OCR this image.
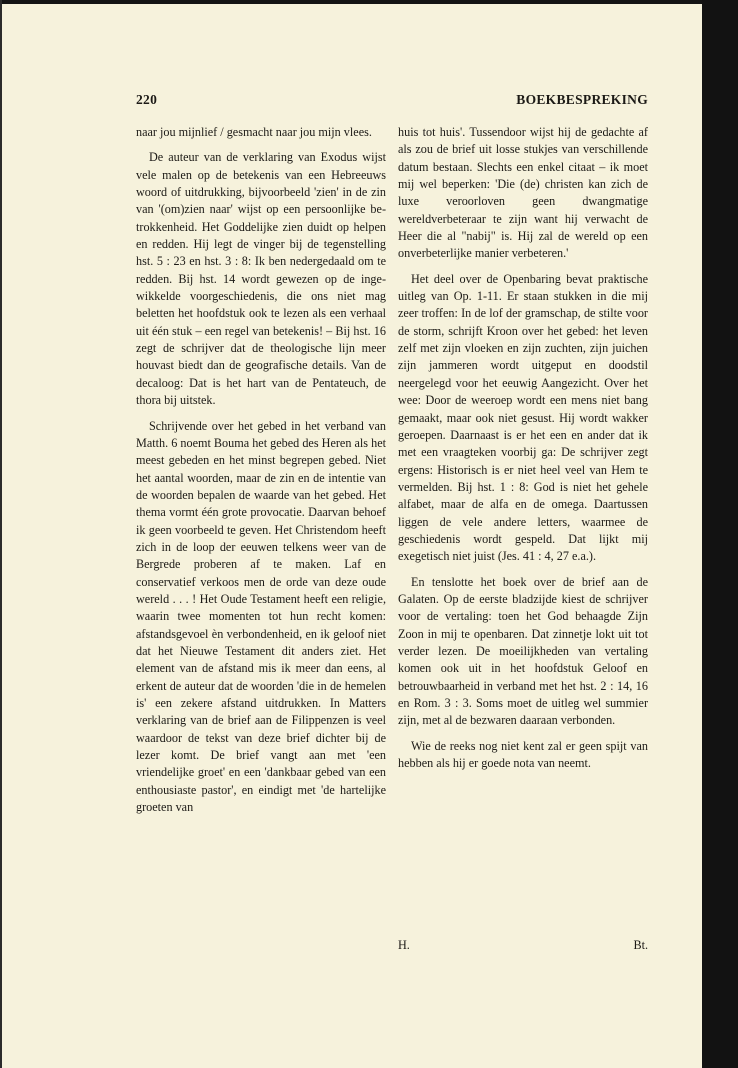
220	BOEKBESPREKING

naar jou mijnlief / gesmacht naar jou mijn vlees.

De auteur van de verklaring van Exodus wijst vele malen op de betekenis van een Hebreeuws woord of uitdrukking, bijvoorbeeld 'zien' in de zin van '(om)zien naar' wijst op een persoonlijke betrokkenheid. Het Goddelijke zien duidt op helpen en redden. Hij legt de vinger bij de tegenstelling hst. 5 : 23 en hst. 3 : 8: Ik ben nedergedaald om te redden. Bij hst. 14 wordt gewezen op de ingewikkelde voorgeschiedenis, die ons niet mag beletten het hoofdstuk ook te lezen als een verhaal uit één stuk – een regel van betekenis! – Bij hst. 16 zegt de schrijver dat de theologische lijn meer houvast biedt dan de geografische details. Van de decaloog: Dat is het hart van de Pentateuch, de thora bij uitstek.

Schrijvende over het gebed in het verband van Matth. 6 noemt Bouma het gebed des Heren als het meest gebeden en het minst begrepen gebed. Niet het aantal woorden, maar de zin en de intentie van de woorden bepalen de waarde van het gebed. Het thema vormt één grote provocatie. Daarvan behoef ik geen voorbeeld te geven. Het Christendom heeft zich in de loop der eeuwen telkens weer van de Bergrede proberen af te maken. Laf en conservatief verkoos men de orde van deze oude wereld . . . ! Het Oude Testament heeft een religie, waarin twee momenten tot hun recht komen: afstandsgevoel èn verbondenheid, en ik geloof niet dat het Nieuwe Testament dit anders ziet. Het element van de afstand mis ik meer dan eens, al erkent de auteur dat de woorden 'die in de hemelen is' een zekere afstand uitdrukken. In Matters verklaring van de brief aan de Filippenzen is veel waardoor de tekst van deze brief dichter bij de lezer komt. De brief vangt aan met 'een vriendelijke groet' en een 'dankbaar gebed van een enthousiaste pastor', en eindigt met 'de hartelijke groeten van

huis tot huis'. Tussendoor wijst hij de gedachte af als zou de brief uit losse stukjes van verschillende datum bestaan. Slechts een enkel citaat – ik moet mij wel beperken: 'Die (de) christen kan zich de luxe veroorloven geen dwangmatige wereldverbeteraar te zijn want hij verwacht de Heer die al "nabij" is. Hij zal de wereld op een onverbeterlijke manier verbeteren.'

Het deel over de Openbaring bevat praktische uitleg van Op. 1-11. Er staan stukken in die mij zeer troffen: In de lof der gramschap, de stilte voor de storm, schrijft Kroon over het gebed: het leven zelf met zijn vloeken en zijn zuchten, zijn juichen zijn jammeren wordt uitgeput en doodstil neergelegd voor het eeuwig Aangezicht. Over het wee: Door de weeroep wordt een mens niet bang gemaakt, maar ook niet gesust. Hij wordt wakker geroepen. Daarnaast is er het een en ander dat ik met een vraagteken voorbij ga: De schrijver zegt ergens: Historisch is er niet heel veel van Hem te vermelden. Bij hst. 1 : 8: God is niet het gehele alfabet, maar de alfa en de omega. Daartussen liggen de vele andere letters, waarmee de geschiedenis wordt gespeld. Dat lijkt mij exegetisch niet juist (Jes. 41 : 4, 27 e.a.).

En tenslotte het boek over de brief aan de Galaten. Op de eerste bladzijde kiest de schrijver voor de vertaling: toen het God behaagde Zijn Zoon in mij te openbaren. Dat zinnetje lokt uit tot verder lezen. De moeilijkheden van vertaling komen ook uit in het hoofdstuk Geloof en betrouwbaarheid in verband met het hst. 2 : 14, 16 en Rom. 3 : 3. Soms moet de uitleg wel summier zijn, met al de bezwaren daaraan verbonden.

Wie de reeks nog niet kent zal er geen spijt van hebben als hij er goede nota van neemt.

H.	Bt.
